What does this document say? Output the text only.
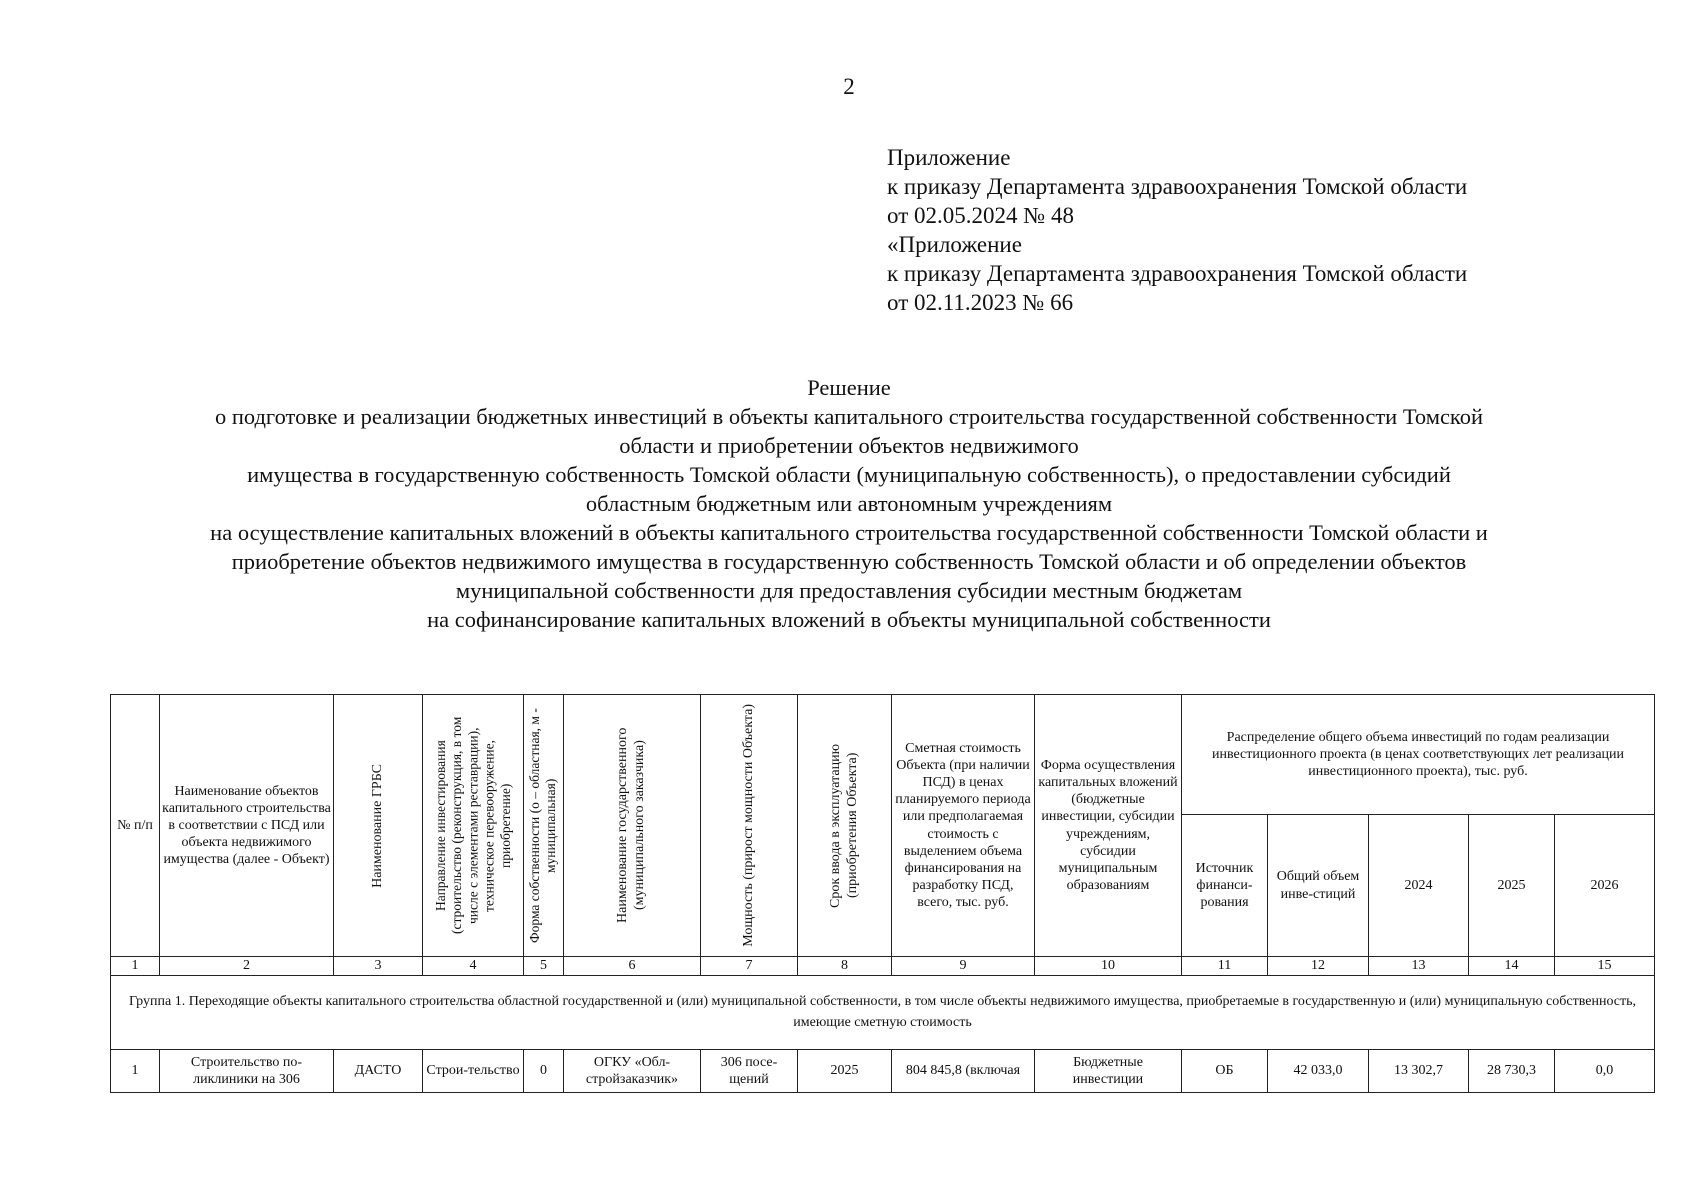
2
Приложение
к приказу Департамента здравоохранения Томской области
от 02.05.2024 № 48
«Приложение
к приказу Департамента здравоохранения Томской области
от 02.11.2023 № 66
Решение
о подготовке и реализации бюджетных инвестиций в объекты капитального строительства государственной собственности Томской
области и приобретении объектов недвижимого
имущества в государственную собственность Томской области (муниципальную собственность), о предоставлении субсидий
областным бюджетным или автономным учреждениям
на осуществление капитальных вложений в объекты капитального строительства государственной собственности Томской области и
приобретение объектов недвижимого имущества в государственную собственность Томской области и об определении объектов
муниципальной собственности для предоставления субсидии местным бюджетам
на софинансирование капитальных вложений в объекты муниципальной собственности
№ п/п	Наименование объектов капитального строительства в соответствии с ПСД или объекта недвижимого имущества (далее - Объект)	Наименование ГРБС	Направление инвестирования (строительство (реконструкция, в том числе с элементами реставрации), техническое перевооружение, приобретение)	Форма собственности (о – областная, м - муниципальная)	Наименование государственного (муниципального заказчика)	Мощность (прирост мощности Объекта)	Срок ввода в эксплуатацию (приобретения Объекта)	Сметная стоимость Объекта (при наличии ПСД) в ценах планируемого периода или предполагаемая стоимость с выделением объема финансирования на разработку ПСД, всего, тыс. руб.	Форма осуществления капитальных вложений (бюджетные инвестиции, субсидии учреждениям, субсидии муниципальным образованиям	Распределение общего объема инвестиций по годам реализации инвестиционного проекта (в ценах соответствующих лет реализации инвестиционного проекта), тыс. руб.				
										Источник финанси-рования	Общий объем инве-стиций	2024	2025	2026
1	2	3	4	5	6	7	8	9	10	11	12	13	14	15
Группа 1. Переходящие объекты капитального строительства областной государственной и (или) муниципальной собственности, в том числе объекты недвижимого имущества, приобретаемые в государственную и (или) муниципальную собственность, имеющие сметную стоимость														
1	Строительство по-ликлиники на 306	ДАСТО	Строи-тельство	0	ОГКУ «Обл-стройзаказчик»	306 посе-щений	2025	804 845,8 (включая	Бюджетные инвестиции	ОБ	42 033,0	13 302,7	28 730,3	0,0
